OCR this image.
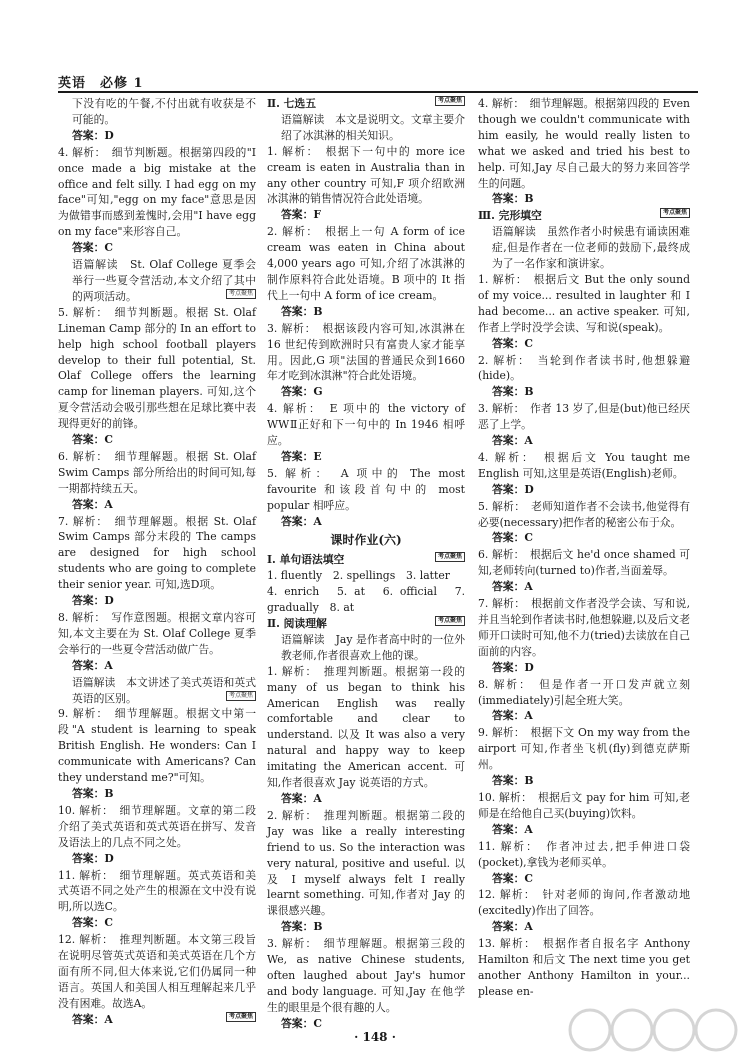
英语　必修 1

下没有吃的午餐,不付出就有收获是不可能的。

答案：D

4. 解析：　细节判断题。根据第四段的"I once made a big mistake at the office and felt silly. I had egg on my face"可知,"egg on my face"意思是因为做错事而感到羞愧时,会用"I have egg on my face"来形容自己。

答案：C

语篇解读　St. Olaf College 夏季会举行一些夏令营活动,本文介绍了其中的两项活动。	考点聚焦

5. 解析：　细节判断题。根据 St. Olaf Lineman Camp 部分的 In an effort to help high school football players develop to their full potential, St. Olaf College offers the learning camp for lineman players. 可知,这个夏令营活动会吸引那些想在足球比赛中表现得更好的前锋。

答案：C

6. 解析：　细节理解题。根据 St. Olaf Swim Camps 部分所给出的时间可知,每一期都持续五天。

答案：A

7. 解析：　细节理解题。根据 St. Olaf Swim Camps 部分末段的 The camps are designed for high school students who are going to complete their senior year. 可知,选D项。

答案：D

8. 解析：　写作意图题。根据文章内容可知,本文主要在为 St. Olaf College 夏季会举行的一些夏令营活动做广告。

答案：A

语篇解读　本文讲述了美式英语和英式英语的区别。	考点聚焦

9. 解析：　细节理解题。根据文中第一段"A student is learning to speak British English. He wonders: Can I communicate with Americans? Can they understand me?"可知。

答案：B

10. 解析：　细节理解题。文章的第二段介绍了美式英语和英式英语在拼写、发音及语法上的几点不同之处。

答案：D

11. 解析：　细节理解题。英式英语和美式英语不同之处产生的根源在文中没有说明,所以选C。

答案：C

12. 解析：　推理判断题。本文第三段旨在说明尽管英式英语和美式英语在几个方面有所不同,但大体来说,它们仍属同一种语言。英国人和美国人相互理解起来几乎没有困难。故选A。

答案：A	考点聚焦

Ⅱ. 七选五	考点聚焦

语篇解读　本文是说明文。文章主要介绍了冰淇淋的相关知识。

1. 解析：　根据下一句中的 more ice cream is eaten in Australia than in any other country 可知,F 项介绍欧洲冰淇淋的销售情况符合此处语境。

答案：F

2. 解析：　根据上一句 A form of ice cream was eaten in China about 4,000 years ago 可知,介绍了冰淇淋的制作原料符合此处语境。B 项中的 It 指代上一句中 A form of ice cream。

答案：B

3. 解析：　根据该段内容可知,冰淇淋在 16 世纪传到欧洲时只有富贵人家才能享用。因此,G 项"法国的普通民众到1660年才吃到冰淇淋"符合此处语境。

答案：G

4. 解析：　E 项中的 the victory of WWⅡ正好和下一句中的 In 1946 相呼应。

答案：E

5. 解析：　A 项中的 The most favourite 和该段首句中的 most popular 相呼应。

答案：A

课时作业(六)

Ⅰ. 单句语法填空	考点聚焦

1. fluently　2. spellings　3. latter

4. enrich　5. at　6. official　7. gradually　8. at

Ⅱ. 阅读理解	考点聚焦

语篇解读　Jay 是作者高中时的一位外教老师,作者很喜欢上他的课。

1. 解析：　推理判断题。根据第一段的 many of us began to think his American English was really comfortable and clear to understand. 以及 It was also a very natural and happy way to keep imitating the American accent. 可知,作者很喜欢 Jay 说英语的方式。

答案：A

2. 解析：　推理判断题。根据第二段的 Jay was like a really interesting friend to us. So the interaction was very natural, positive and useful. 以及 I myself always felt I really learnt something. 可知,作者对 Jay 的课很感兴趣。

答案：B

3. 解析：　细节理解题。根据第三段的 We, as native Chinese students, often laughed about Jay's humor and body language. 可知,Jay 在他学生的眼里是个很有趣的人。

答案：C

4. 解析：　细节理解题。根据第四段的 Even though we couldn't communicate with him easily, he would really listen to what we asked and tried his best to help. 可知,Jay 尽自己最大的努力来回答学生的问题。

答案：B

Ⅲ. 完形填空	考点聚焦

语篇解读　虽然作者小时候患有诵读困难症,但是作者在一位老师的鼓励下,最终成为了一名作家和演讲家。

1. 解析：　根据后文 But the only sound of my voice... resulted in laughter 和 I had become... an active speaker. 可知,作者上学时没学会读、写和说(speak)。

答案：C

2. 解析：　当轮到作者读书时,他想躲避(hide)。

答案：B

3. 解析：　作者 13 岁了,但是(but)他已经厌恶了上学。

答案：A

4. 解析：　根据后文 You taught me English 可知,这里是英语(English)老师。

答案：D

5. 解析：　老师知道作者不会读书,他觉得有必要(necessary)把作者的秘密公布于众。

答案：C

6. 解析：　根据后文 he'd once shamed 可知,老师转向(turned to)作者,当面羞辱。

答案：A

7. 解析：　根据前文作者没学会读、写和说,并且当轮到作者读书时,他想躲避,以及后文老师开口读时可知,他不力(tried)去读放在自己面前的内容。

答案：D

8. 解析：　但是作者一开口发声就立刻(immediately)引起全班大笑。

答案：A

9. 解析：　根据下文 On my way from the airport 可知,作者坐飞机(fly)到德克萨斯州。

答案：B

10. 解析：　根据后文 pay for him 可知,老师是在给他自己买(buying)饮料。

答案：A

11. 解析：　作者冲过去,把手伸进口袋(pocket),拿钱为老师买单。

答案：C

12. 解析：　针对老师的询问,作者激动地(excitedly)作出了回答。

答案：A

13. 解析：　根据作者自报名字 Anthony Hamilton 和后文 The next time you get another Anthony Hamilton in your... please en-

· 148 ·
